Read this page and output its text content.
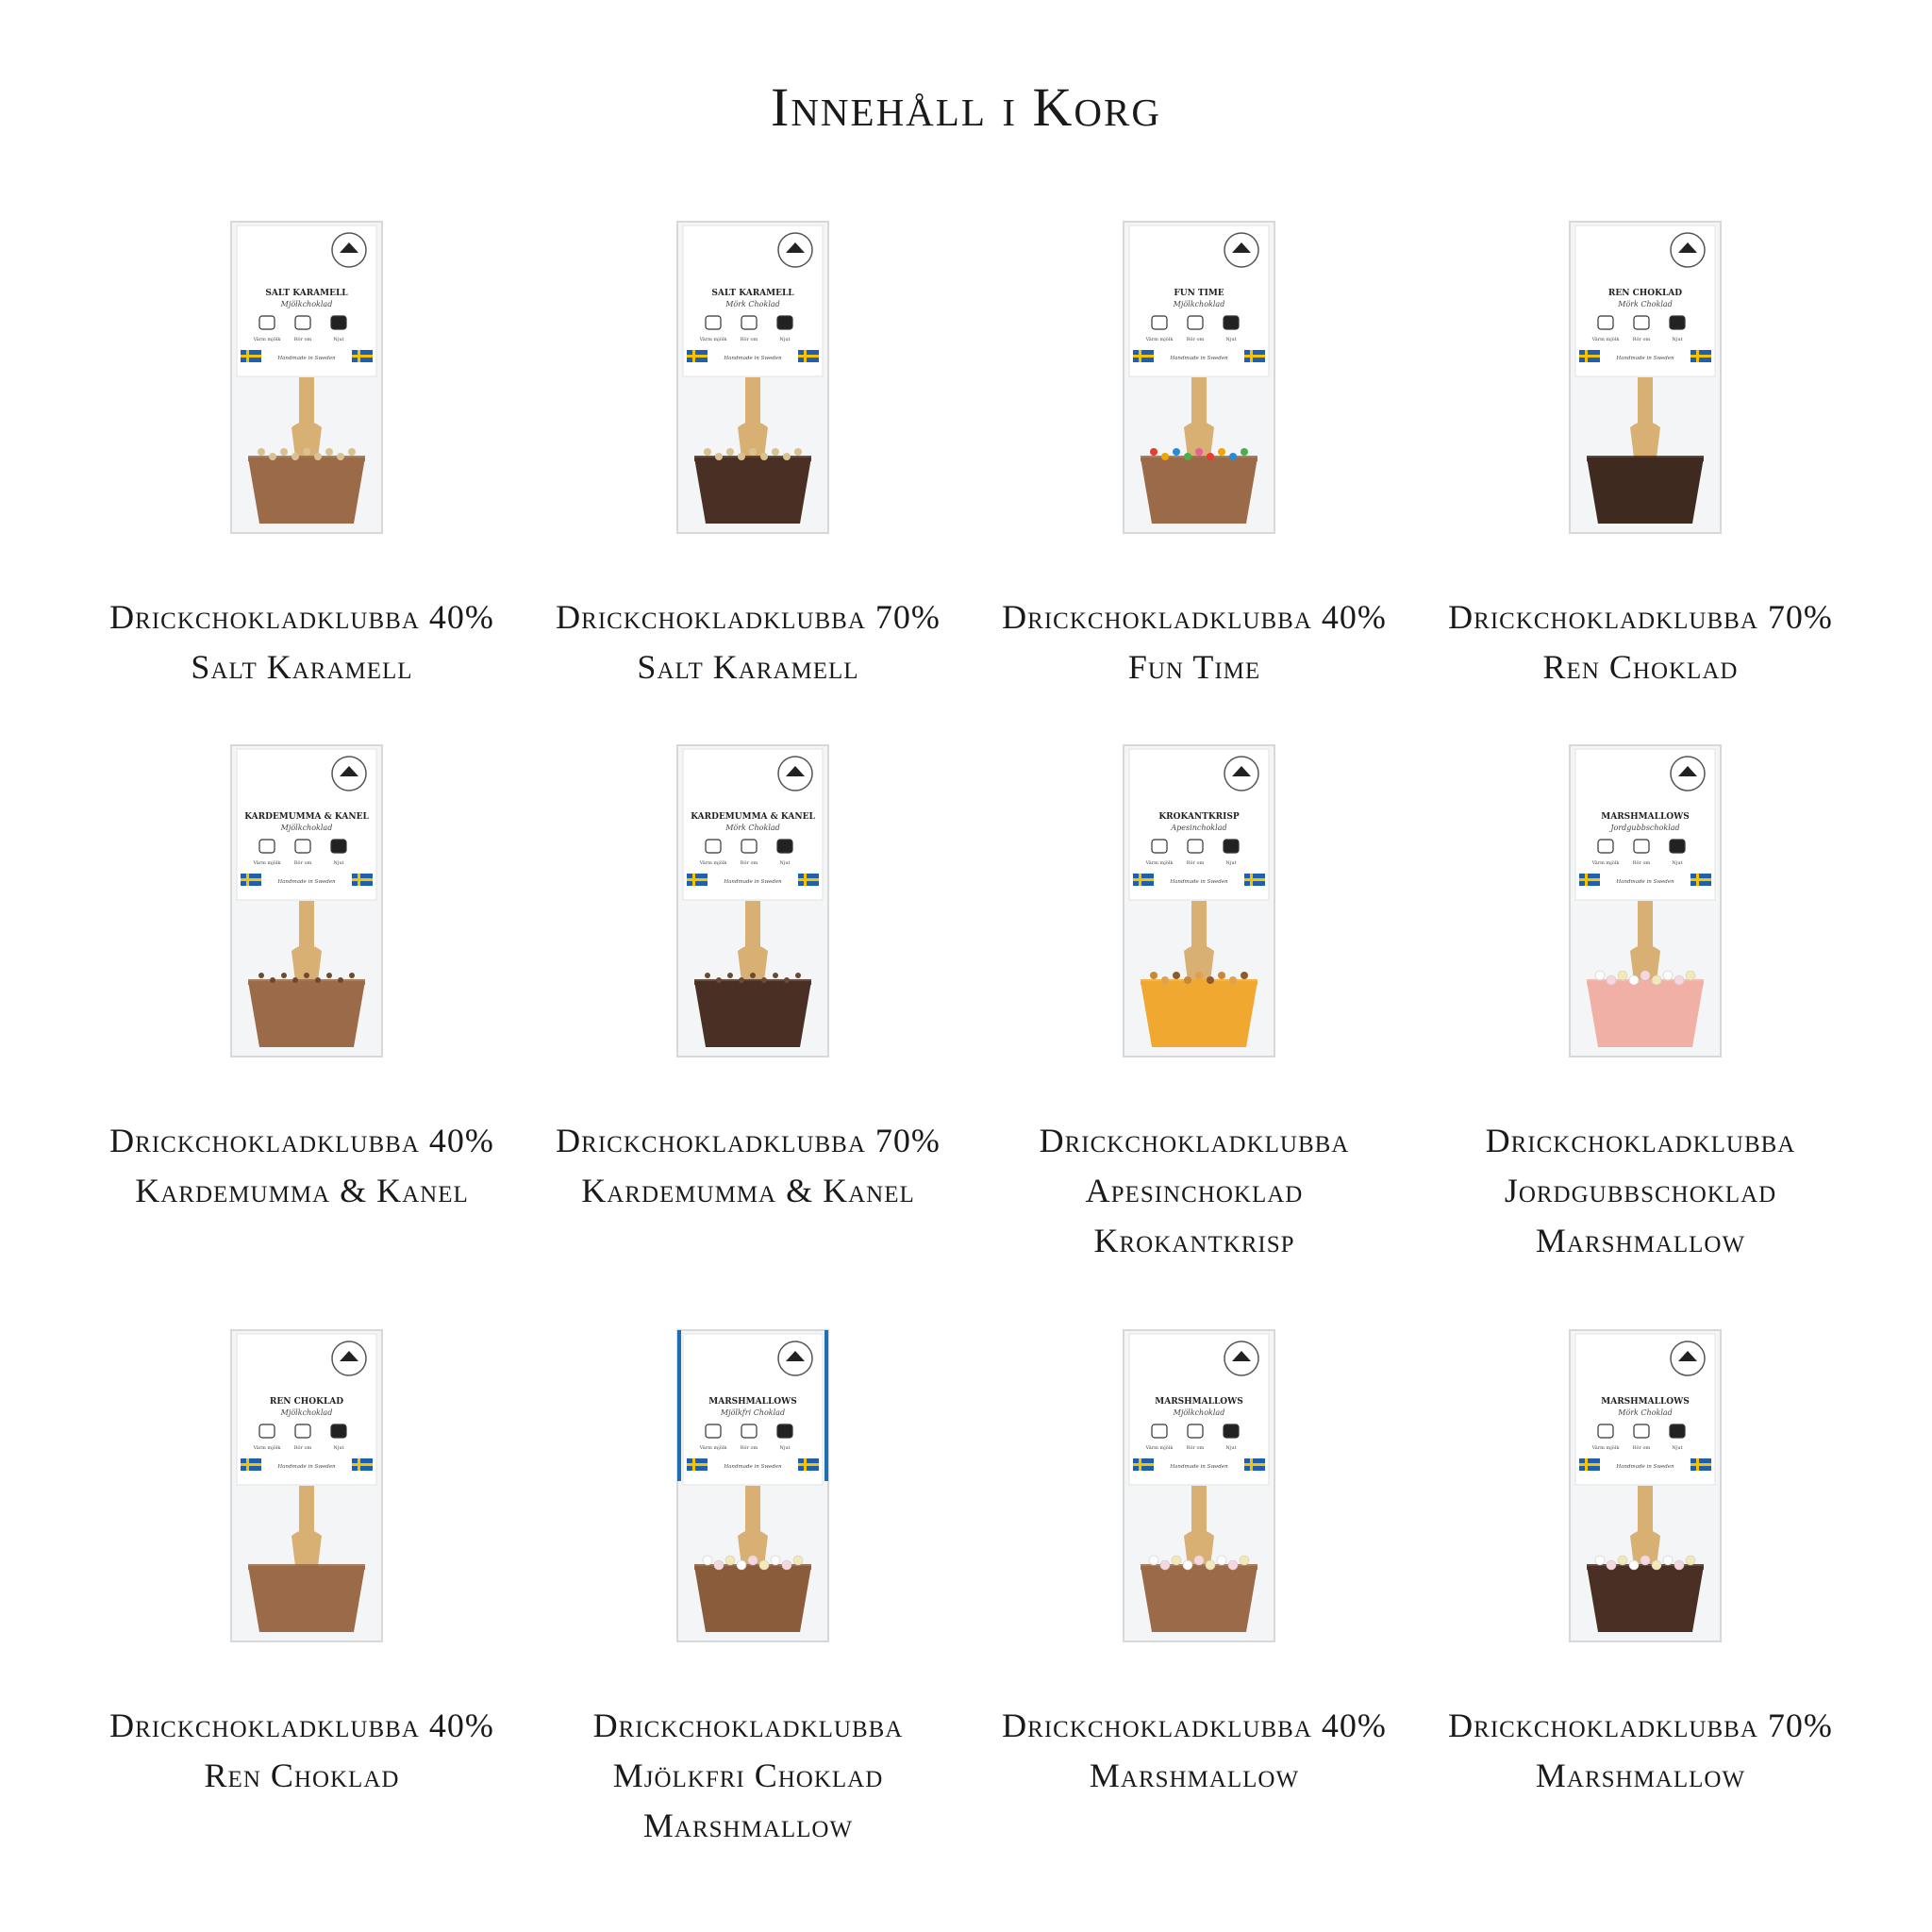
Innehåll i Korg
SALT KARAMELL
Mjölkchoklad
Värm mjölk	Rör om	Njut
Handmade in Sweden
Drickchokladklubba 40%
Salt Karamell
SALT KARAMELL
Mörk Choklad
Värm mjölk	Rör om	Njut
Handmade in Sweden
Drickchokladklubba 70%
Salt Karamell
FUN TIME
Mjölkchoklad
Värm mjölk	Rör om	Njut
Handmade in Sweden
Drickchokladklubba 40%
Fun Time
REN CHOKLAD
Mörk Choklad
Värm mjölk	Rör om	Njut
Handmade in Sweden
Drickchokladklubba 70%
Ren Choklad
KARDEMUMMA & KANEL
Mjölkchoklad
Värm mjölk	Rör om	Njut
Handmade in Sweden
Drickchokladklubba 40%
Kardemumma & Kanel
KARDEMUMMA & KANEL
Mörk Choklad
Värm mjölk	Rör om	Njut
Handmade in Sweden
Drickchokladklubba 70%
Kardemumma & Kanel
KROKANTKRISP
Apesinchoklad
Värm mjölk	Rör om	Njut
Handmade in Sweden
Drickchokladklubba
Apesinchoklad
Krokantkrisp
MARSHMALLOWS
Jordgubbschoklad
Värm mjölk	Rör om	Njut
Handmade in Sweden
Drickchokladklubba
Jordgubbschoklad
Marshmallow
REN CHOKLAD
Mjölkchoklad
Värm mjölk	Rör om	Njut
Handmade in Sweden
Drickchokladklubba 40%
Ren Choklad
MARSHMALLOWS
Mjölkfri Choklad
Värm mjölk	Rör om	Njut
Handmade in Sweden
Drickchokladklubba
Mjölkfri Choklad
Marshmallow
MARSHMALLOWS
Mjölkchoklad
Värm mjölk	Rör om	Njut
Handmade in Sweden
Drickchokladklubba 40%
Marshmallow
MARSHMALLOWS
Mörk Choklad
Värm mjölk	Rör om	Njut
Handmade in Sweden
Drickchokladklubba 70%
Marshmallow
